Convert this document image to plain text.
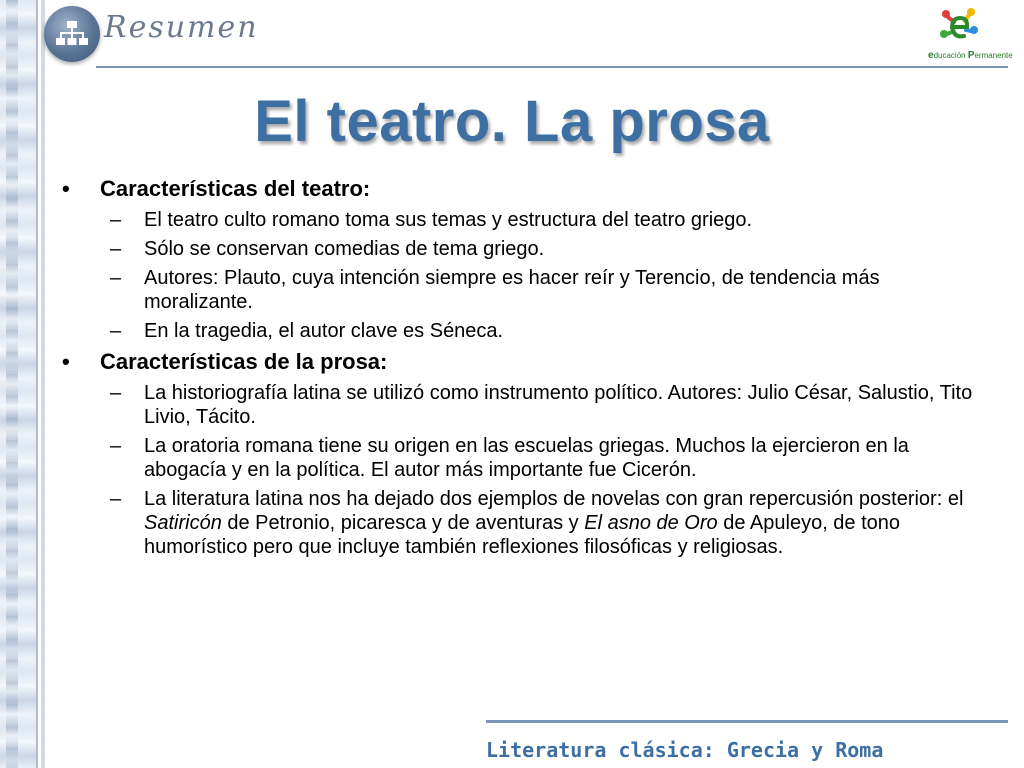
Resumen
educación Permanente
El teatro. La prosa
•	Características del teatro:
–	El teatro culto romano toma sus temas y estructura del teatro griego.
–	Sólo se conservan comedias de tema griego.
–	Autores: Plauto, cuya intención siempre es hacer reír y Terencio, de tendencia más moralizante.
–	En la tragedia, el autor clave es Séneca.
•	Características de la prosa:
–	La historiografía latina se utilizó como instrumento político. Autores: Julio César, Salustio, Tito Livio, Tácito.
–	La oratoria romana tiene su origen en las escuelas griegas. Muchos la ejercieron en la abogacía y en la política. El autor más importante fue Cicerón.
–	La literatura latina nos ha dejado dos ejemplos de novelas con gran repercusión posterior: el Satiricón de Petronio, picaresca y de aventuras y El asno de Oro de Apuleyo, de tono humorístico pero que incluye también reflexiones filosóficas y religiosas.
Literatura clásica: Grecia y Roma
